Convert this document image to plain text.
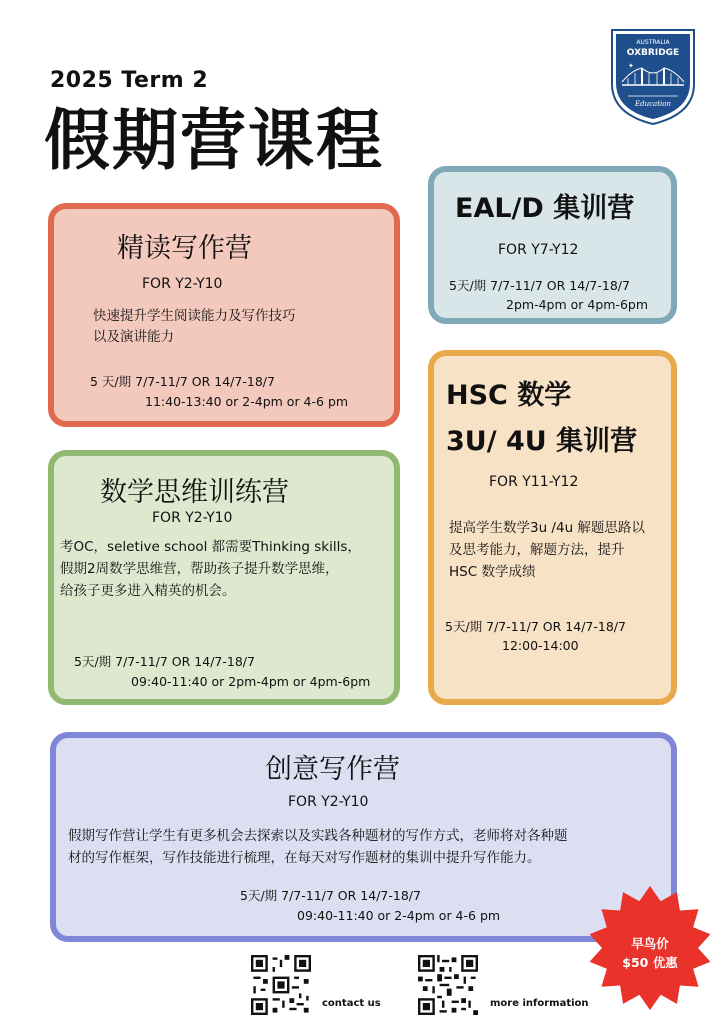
2025 Term 2
假期营课程
AUSTRALIA
OXBRIDGE
✦
Education
精读写作营
FOR Y2-Y10
快速提升学生阅读能力及写作技巧
以及演讲能力
5 天/期 7/7-11/7 OR 14/7-18/7
11:40-13:40 or 2-4pm or 4-6 pm
EAL/D 集训营
FOR Y7-Y12
5天/期 7/7-11/7 OR 14/7-18/7
2pm-4pm or 4pm-6pm
HSC 数学
3U/ 4U 集训营
FOR Y11-Y12
提高学生数学3u /4u 解题思路以
及思考能力，解题方法，提升
HSC 数学成绩
5天/期 7/7-11/7 OR 14/7-18/7
12:00-14:00
数学思维训练营
FOR Y2-Y10
考OC，seletive school 都需要Thinking skills，
假期2周数学思维营，帮助孩子提升数学思维，
给孩子更多进入精英的机会。
5天/期 7/7-11/7 OR 14/7-18/7
09:40-11:40 or 2pm-4pm or 4pm-6pm
创意写作营
FOR Y2-Y10
假期写作营让学生有更多机会去探索以及实践各种题材的写作方式，老师将对各种题
材的写作框架，写作技能进行梳理，在每天对写作题材的集训中提升写作能力。
5天/期 7/7-11/7 OR 14/7-18/7
09:40-11:40 or 2-4pm or 4-6 pm
contact us	more information
早鸟价
$50 优惠
